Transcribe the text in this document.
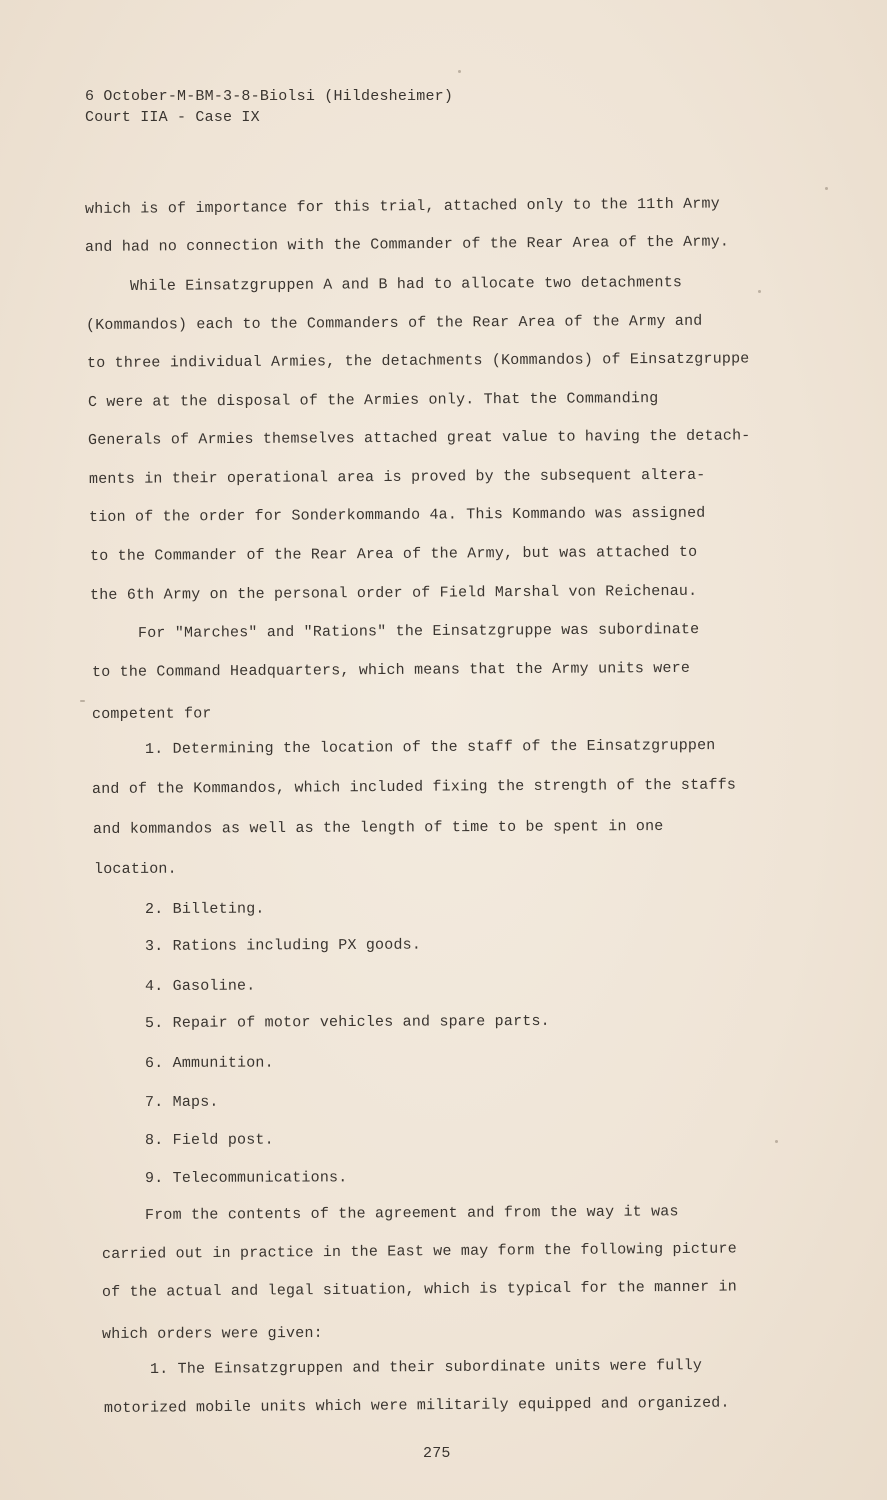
6 October-M-BM-3-8-Biolsi (Hildesheimer)
Court IIA - Case IX
which is of importance for this trial, attached only to the 11th Army
and had no connection with the Commander of the Rear Area of the Army.
While Einsatzgruppen A and B had to allocate two detachments
(Kommandos) each to the Commanders of the Rear Area of the Army and
to three individual Armies, the detachments (Kommandos) of Einsatzgruppe
C were at the disposal of the Armies only. That the Commanding
Generals of Armies themselves attached great value to having the detach-
ments in their operational area is proved by the subsequent altera-
tion of the order for Sonderkommando 4a. This Kommando was assigned
to the Commander of the Rear Area of the Army, but was attached to
the 6th Army on the personal order of Field Marshal von Reichenau.
For "Marches" and "Rations" the Einsatzgruppe was subordinate
to the Command Headquarters, which means that the Army units were
competent for
1. Determining the location of the staff of the Einsatzgruppen
and of the Kommandos, which included fixing the strength of the staffs
and kommandos as well as the length of time to be spent in one
location.
2. Billeting.
3. Rations including PX goods.
4. Gasoline.
5. Repair of motor vehicles and spare parts.
6. Ammunition.
7. Maps.
8. Field post.
9. Telecommunications.
From the contents of the agreement and from the way it was
carried out in practice in the East we may form the following picture
of the actual and legal situation, which is typical for the manner in
which orders were given:
1. The Einsatzgruppen and their subordinate units were fully
motorized mobile units which were militarily equipped and organized.
275
